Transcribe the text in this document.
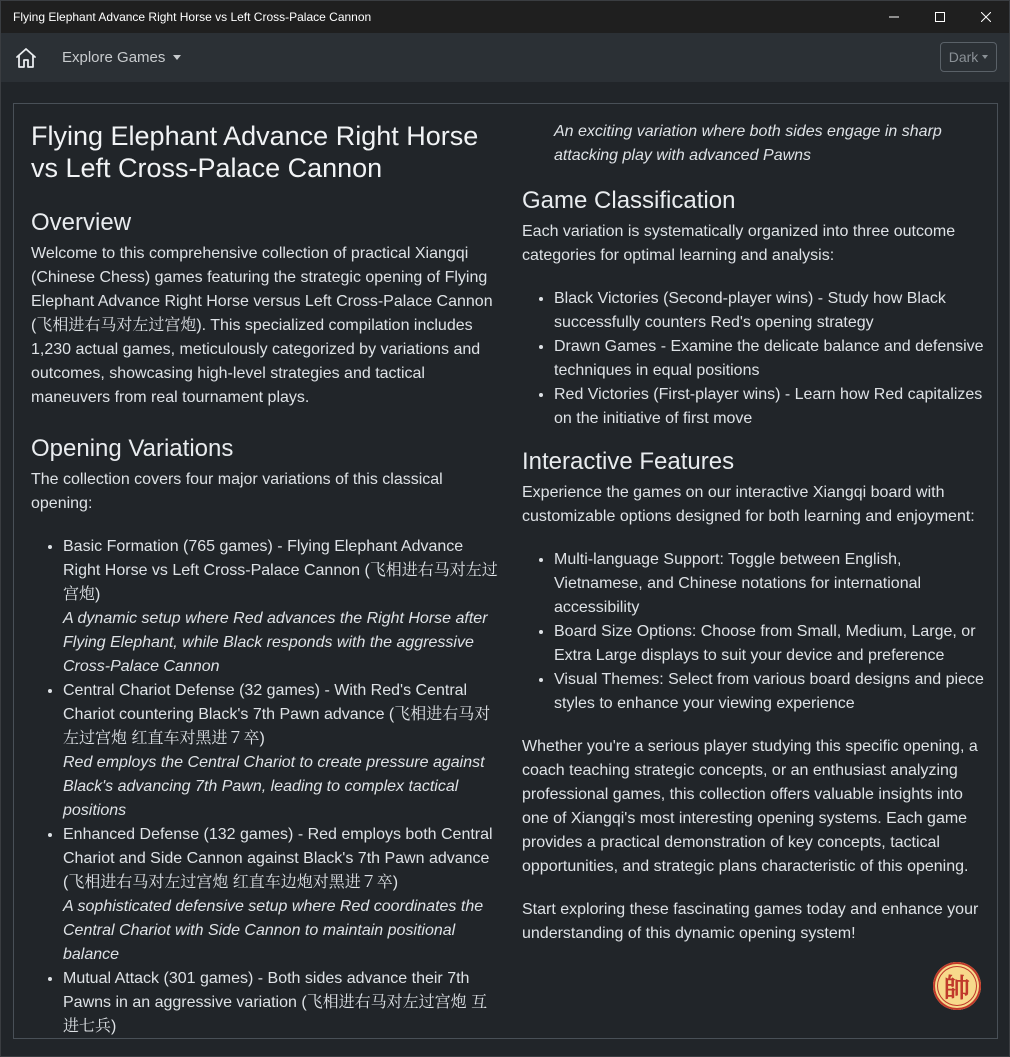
Flying Elephant Advance Right Horse vs Left Cross-Palace Cannon
Explore Games	Dark
Flying Elephant Advance Right Horse vs Left Cross-Palace Cannon
Overview

Welcome to this comprehensive collection of practical Xiangqi (Chinese Chess) games featuring the strategic opening of Flying Elephant Advance Right Horse versus Left Cross-Palace Cannon (飞相进右马对左过宫炮). This specialized compilation includes 1,230 actual games, meticulously categorized by variations and outcomes, showcasing high-level strategies and tactical maneuvers from real tournament plays.

Opening Variations

The collection covers four major variations of this classical opening:

• Basic Formation (765 games) - Flying Elephant Advance Right Horse vs Left Cross-Palace Cannon (飞相进右马对左过宫炮)
A dynamic setup where Red advances the Right Horse after Flying Elephant, while Black responds with the aggressive Cross-Palace Cannon
• Central Chariot Defense (32 games) - With Red's Central Chariot countering Black's 7th Pawn advance (飞相进右马对左过宫炮 红直车对黑进７卒)
Red employs the Central Chariot to create pressure against Black's advancing 7th Pawn, leading to complex tactical positions
• Enhanced Defense (132 games) - Red employs both Central Chariot and Side Cannon against Black's 7th Pawn advance (飞相进右马对左过宫炮 红直车边炮对黑进７卒)
A sophisticated defensive setup where Red coordinates the Central Chariot with Side Cannon to maintain positional balance
• Mutual Attack (301 games) - Both sides advance their 7th Pawns in an aggressive variation (飞相进右马对左过宫炮 互进七兵)
An exciting variation where both sides engage in sharp attacking play with advanced Pawns
Game Classification

Each variation is systematically organized into three outcome categories for optimal learning and analysis:

• Black Victories (Second-player wins) - Study how Black successfully counters Red's opening strategy
• Drawn Games - Examine the delicate balance and defensive techniques in equal positions
• Red Victories (First-player wins) - Learn how Red capitalizes on the initiative of first move
Interactive Features

Experience the games on our interactive Xiangqi board with customizable options designed for both learning and enjoyment:

• Multi-language Support: Toggle between English, Vietnamese, and Chinese notations for international accessibility
• Board Size Options: Choose from Small, Medium, Large, or Extra Large displays to suit your device and preference
• Visual Themes: Select from various board designs and piece styles to enhance your viewing experience

Whether you're a serious player studying this specific opening, a coach teaching strategic concepts, or an enthusiast analyzing professional games, this collection offers valuable insights into one of Xiangqi's most interesting opening systems. Each game provides a practical demonstration of key concepts, tactical opportunities, and strategic plans characteristic of this opening.

Start exploring these fascinating games today and enhance your understanding of this dynamic opening system!

帥
